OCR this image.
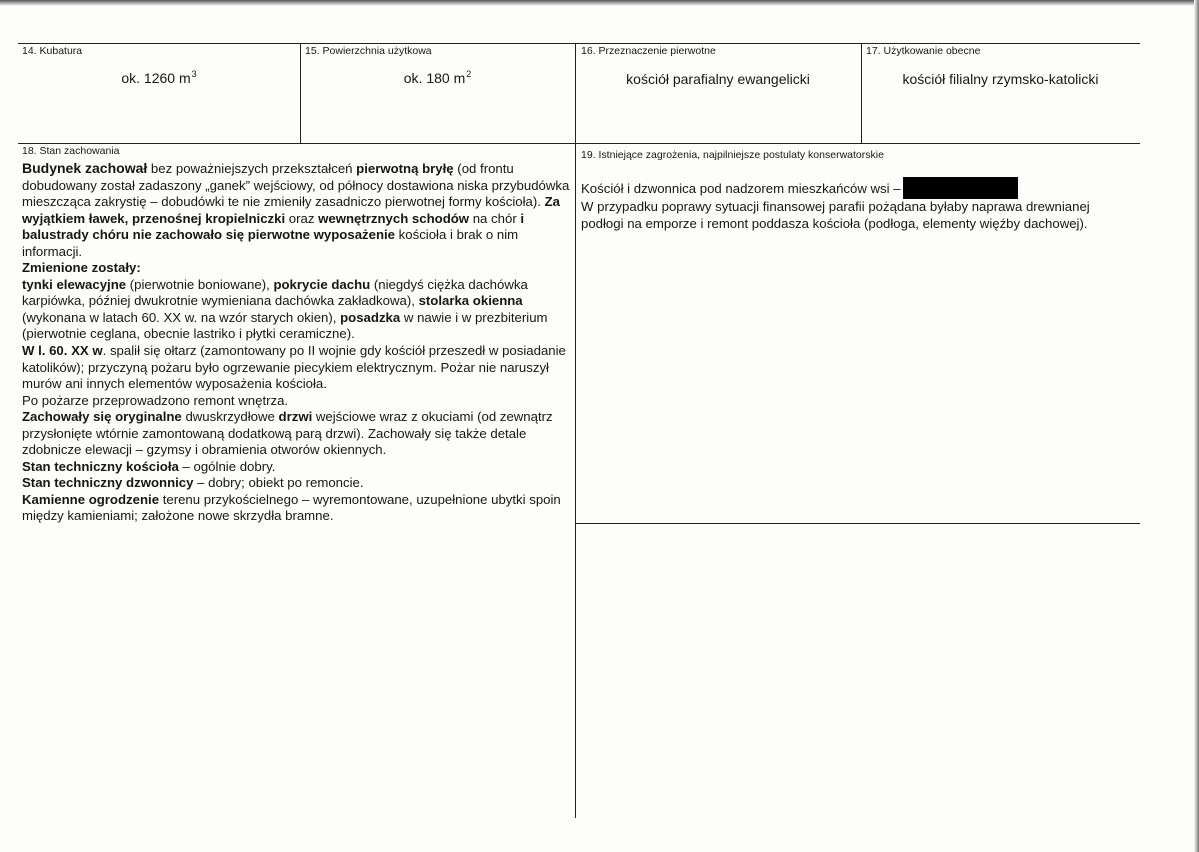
14. Kubatura
ok. 1260 $m^3$
15. Powierzchnia użytkowa
ok. 180 $m^2$
16. Przeznaczenie pierwotne
kościół parafialny ewangelicki
17. Użytkowanie obecne
kościół filialny rzymsko-katolicki
18. Stan zachowania

Budynek zachował bez poważniejszych przekształceń pierwotną bryłę (od frontu dobudowany został zadaszony „ganek” wejściowy, od północy dostawiona niska przybudówka mieszcząca zakrystię – dobudówki te nie zmieniły zasadniczo pierwotnej formy kościoła). Za wyjątkiem ławek, przenośnej kropielniczki oraz wewnętrznych schodów na chór i balustrady chóru nie zachowało się pierwotne wyposażenie kościoła i brak o nim informacji.

Zmienione zostały:

tynki elewacyjne (pierwotnie boniowane), pokrycie dachu (niegdyś ciężka dachówka karpiówka, później dwukrotnie wymieniana dachówka zakładkowa), stolarka okienna (wykonana w latach 60. XX w. na wzór starych okien), posadzka w nawie i w prezbiterium (pierwotnie ceglana, obecnie lastriko i płytki ceramiczne).

W l. 60. XX w. spalił się ołtarz (zamontowany po II wojnie gdy kościół przeszedł w posiadanie katolików); przyczyną pożaru było ogrzewanie piecykiem elektrycznym. Pożar nie naruszył murów ani innych elementów wyposażenia kościoła.

Po pożarze przeprowadzono remont wnętrza.

Zachowały się oryginalne dwuskrzydłowe drzwi wejściowe wraz z okuciami (od zewnątrz przysłonięte wtórnie zamontowaną dodatkową parą drzwi). Zachowały się także detale zdobnicze elewacji – gzymsy i obramienia otworów okiennych.

Stan techniczny kościoła – ogólnie dobry.

Stan techniczny dzwonnicy – dobry; obiekt po remoncie.

Kamienne ogrodzenie terenu przykościelnego – wyremontowane, uzupełnione ubytki spoin między kamieniami; założone nowe skrzydła bramne.

19. Istniejące zagrożenia, najpilniejsze postulaty konserwatorskie

Kościół i dzwonnica pod nadzorem mieszkańców wsi –

W przypadku poprawy sytuacji finansowej parafii pożądana byłaby naprawa drewnianej podłogi na emporze i remont poddasza kościoła (podłoga, elementy więźby dachowej).
